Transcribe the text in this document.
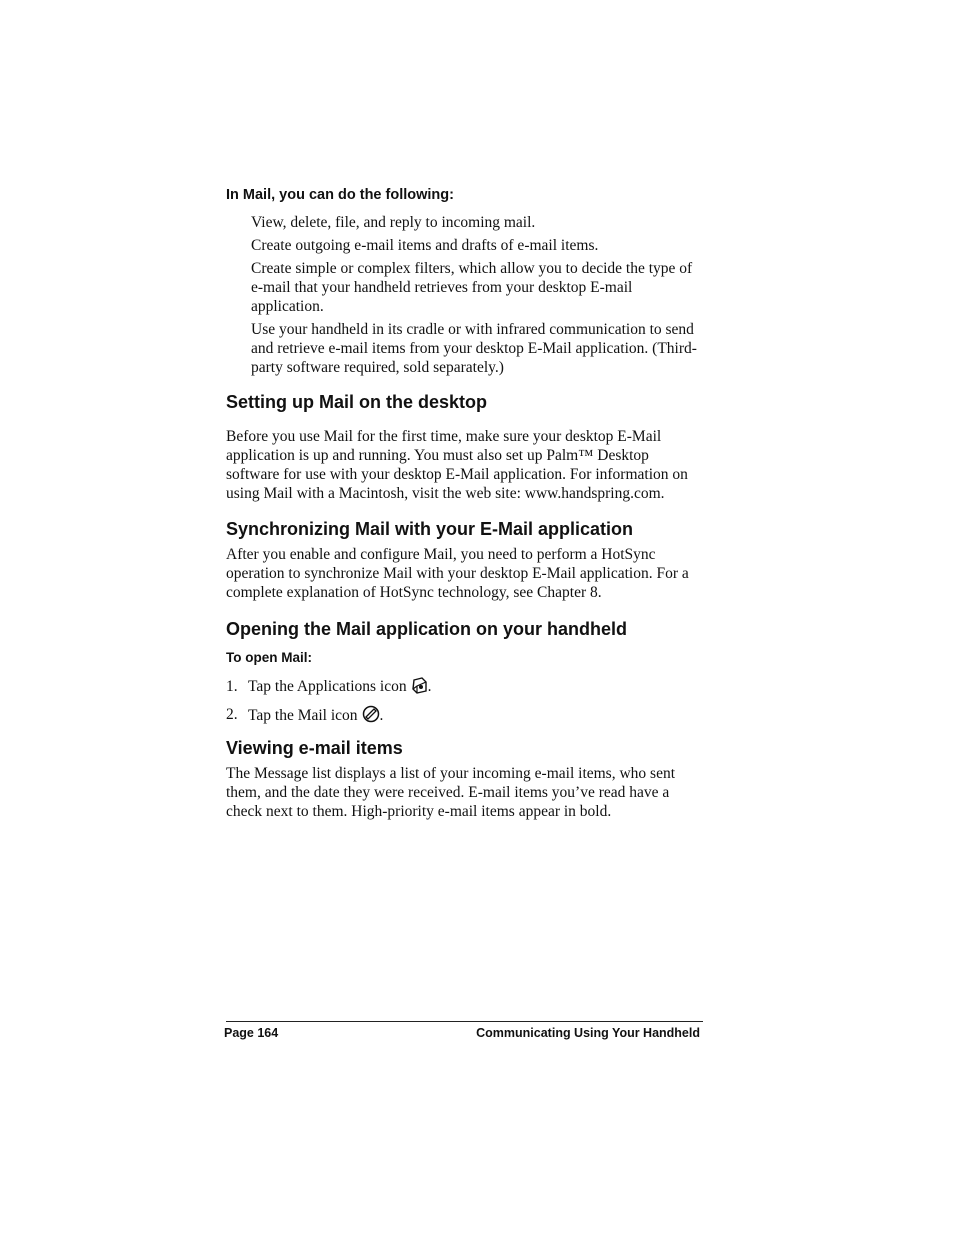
In Mail, you can do the following:
View, delete, file, and reply to incoming mail.
Create outgoing e-mail items and drafts of e-mail items.
Create simple or complex filters, which allow you to decide the type of e-mail that your handheld retrieves from your desktop E-mail application.
Use your handheld in its cradle or with infrared communication to send and retrieve e-mail items from your desktop E-Mail application. (Third-party software required, sold separately.)
Setting up Mail on the desktop

Before you use Mail for the first time, make sure your desktop E-Mail application is up and running. You must also set up Palm™ Desktop software for use with your desktop E-Mail application. For information on using Mail with a Macintosh, visit the web site: www.handspring.com.

Synchronizing Mail with your E-Mail application

After you enable and configure Mail, you need to perform a HotSync operation to synchronize Mail with your desktop E-Mail application. For a complete explanation of HotSync technology, see Chapter 8.

Opening the Mail application on your handheld
To open Mail:
1. Tap the Applications icon .
2. Tap the Mail icon .
Viewing e-mail items

The Message list displays a list of your incoming e-mail items, who sent them, and the date they were received. E-mail items you’ve read have a check next to them. High-priority e-mail items appear in bold.

Page 164	Communicating Using Your Handheld
